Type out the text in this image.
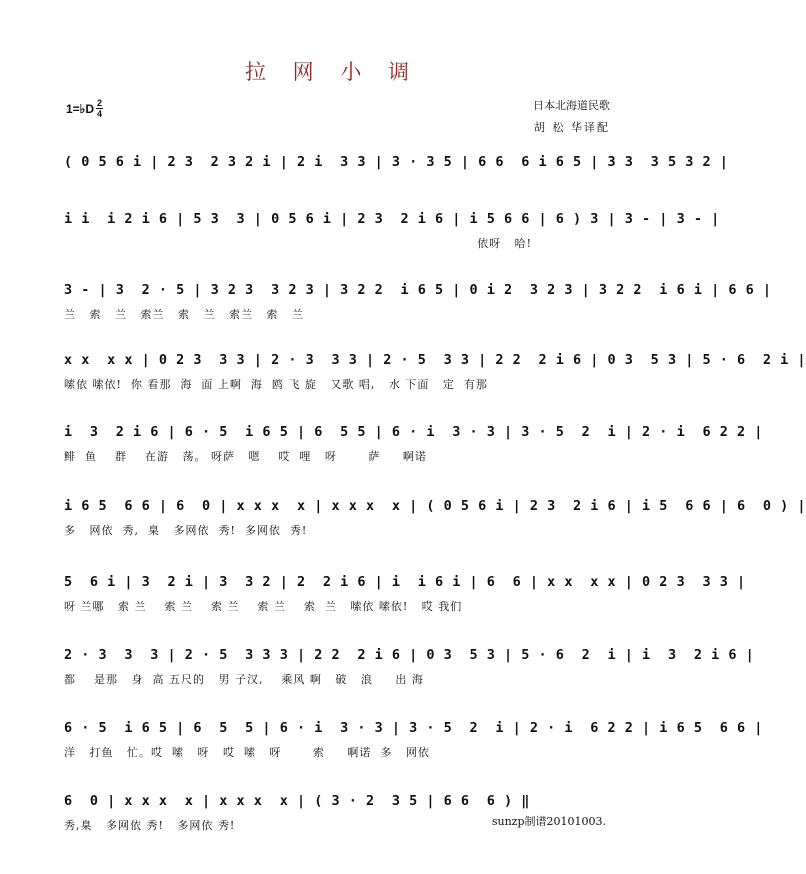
拉 网 小 调
1=♭D 2
4
日本北海道民歌
胡 松 华译配
( 0 5 6 i | 2 3  2 3 2 i | 2 i  3 3 | 3 · 3 5 | 6 6  6 i 6 5 | 3 3  3 5 3 2 |
i i  i 2 i 6 | 5 3  3 | 0 5 6 i | 2 3  2 i 6 | i 5 6 6 | 6 ) 3 | 3 - | 3 - |
依呀   哈!
3 - | 3  2 · 5 | 3 2 3  3 2 3 | 3 2 2  i 6 5 | 0 i 2  3 2 3 | 3 2 2  i 6 i | 6 6 |
兰   索   兰   索兰   索   兰   索兰   索   兰
x x  x x | 0 2 3  3 3 | 2 · 3  3 3 | 2 · 5  3 3 | 2 2  2 i 6 | 0 3  5 3 | 5 · 6  2 i |
嗦依 嗦依!  你 看那  海  面 上啊  海  鸥 飞 旋   又歌 唱,   水 下面   定  有那
i  3  2 i 6 | 6 · 5  i 6 5 | 6  5 5 | 6 · i  3 · 3 | 3 · 5  2  i | 2 · i  6 2 2 |
鲱  鱼    群    在游   荡。 呀萨   嗯    哎  哩   呀       萨     啊诺
i 6 5  6 6 | 6  0 | x x x  x | x x x  x | ( 0 5 6 i | 2 3  2 i 6 | i 5  6 6 | 6  0 ) |
多   网依  秀,  臬   多网依  秀!  多网依  秀!
5  6 i | 3  2 i | 3  3 2 | 2  2 i 6 | i  i 6 i | 6  6 | x x  x x | 0 2 3  3 3 |
呀 兰哪   索 兰    索 兰    索 兰    索 兰    索  兰   嗦依 嗦依!   哎 我们
2 · 3  3  3 | 2 · 5  3 3 3 | 2 2  2 i 6 | 0 3  5 3 | 5 · 6  2  i | i  3  2 i 6 |
都    是那   身  高 五尺的   男 子汉,    乘风 啊   破   浪     出 海
6 · 5  i 6 5 | 6  5  5 | 6 · i  3 · 3 | 3 · 5  2  i | 2 · i  6 2 2 | i 6 5  6 6 |
洋   打鱼   忙。哎  嗦   呀   哎  嗦   呀       索     啊诺  多   网依
6  0 | x x x  x | x x x  x | ( 3 · 2  3 5 | 6 6  6 ) ‖
秀,臬   多网依 秀!   多网依 秀!	sunzp制谱20101003.
